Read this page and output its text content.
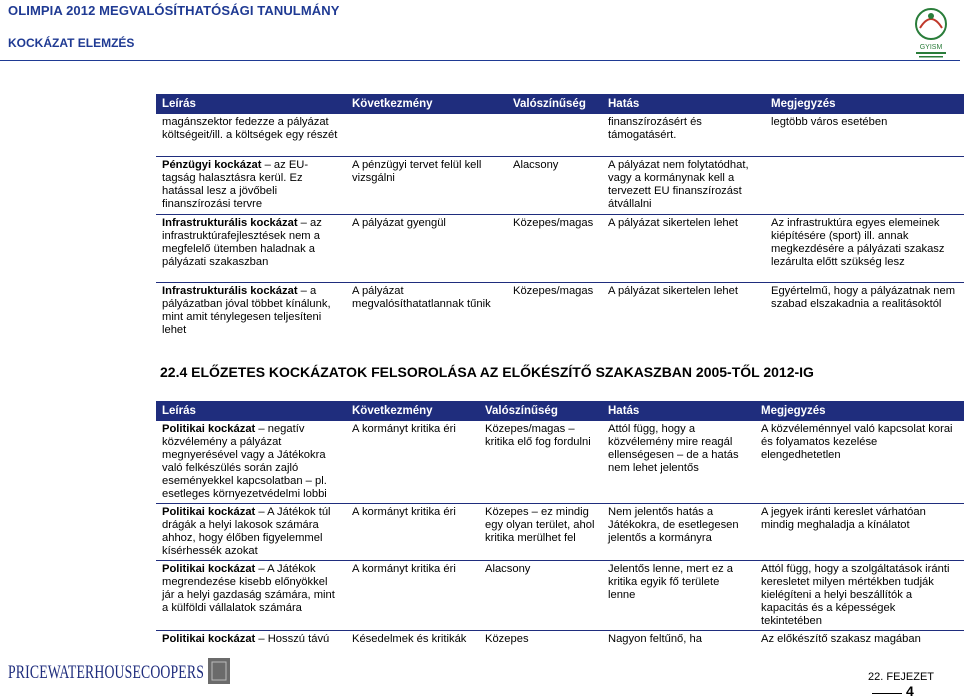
OLIMPIA 2012 MEGVALÓSÍTHATÓSÁGI TANULMÁNY
KOCKÁZAT ELEMZÉS	GYISM
Leírás	Következmény	Valószínűség	Hatás	Megjegyzés
magánszektor fedezze a pályázat költségeit/ill. a költségek egy részét			finanszírozásért és támogatásért.	legtöbb város esetében
Pénzügyi kockázat – az EU-tagság halasztásra kerül. Ez hatással lesz a jövőbeli finanszírozási tervre	A pénzügyi tervet felül kell vizsgálni	Alacsony	A pályázat nem folytatódhat, vagy a kormánynak kell a tervezett EU finanszírozást átvállalni	
Infrastrukturális kockázat – az infrastruktúrafejlesztések nem a megfelelő ütemben haladnak a pályázati szakaszban	A pályázat gyengül	Közepes/magas	A pályázat sikertelen lehet	Az infrastruktúra egyes elemeinek kiépítésére (sport) ill. annak megkezdésére a pályázati szakasz lezárulta előtt szükség lesz
Infrastrukturális kockázat – a pályázatban jóval többet kínálunk, mint amit ténylegesen teljesíteni lehet	A pályázat megvalósíthatatlannak tűnik	Közepes/magas	A pályázat sikertelen lehet	Egyértelmű, hogy a pályázatnak nem szabad elszakadnia a realitásoktól
22.4 ELŐZETES KOCKÁZATOK FELSOROLÁSA AZ ELŐKÉSZÍTŐ SZAKASZBAN 2005-TŐL 2012-IG
Leírás	Következmény	Valószínűség	Hatás	Megjegyzés
Politikai kockázat – negatív közvélemény a pályázat megnyerésével vagy a Játékokra való felkészülés során zajló eseményekkel kapcsolatban – pl. esetleges környezetvédelmi lobbi	A kormányt kritika éri	Közepes/magas – kritika elő fog fordulni	Attól függ, hogy a közvélemény mire reagál ellenségesen – de a hatás nem lehet jelentős	A közvéleménnyel való kapcsolat korai és folyamatos kezelése elengedhetetlen
Politikai kockázat – A Játékok túl drágák a helyi lakosok számára ahhoz, hogy élőben figyelemmel kísérhessék azokat	A kormányt kritika éri	Közepes – ez mindig egy olyan terület, ahol kritika merülhet fel	Nem jelentős hatás a Játékokra, de esetlegesen jelentős a kormányra	A jegyek iránti kereslet várhatóan mindig meghaladja a kínálatot
Politikai kockázat – A Játékok megrendezése kisebb előnyökkel jár a helyi gazdaság számára, mint a külföldi vállalatok számára	A kormányt kritika éri	Alacsony	Jelentős lenne, mert ez a kritika egyik fő területe lenne	Attól függ, hogy a szolgáltatások iránti keresletet milyen mértékben tudják kielégíteni a helyi beszállítók a kapacitás és a képességek tekintetében
Politikai kockázat – Hosszú távú	Késedelmek és kritikák	Közepes	Nagyon feltűnő, ha	Az előkészítő szakasz magában
PRICEWATERHOUSECOOPERS	22. FEJEZET4
